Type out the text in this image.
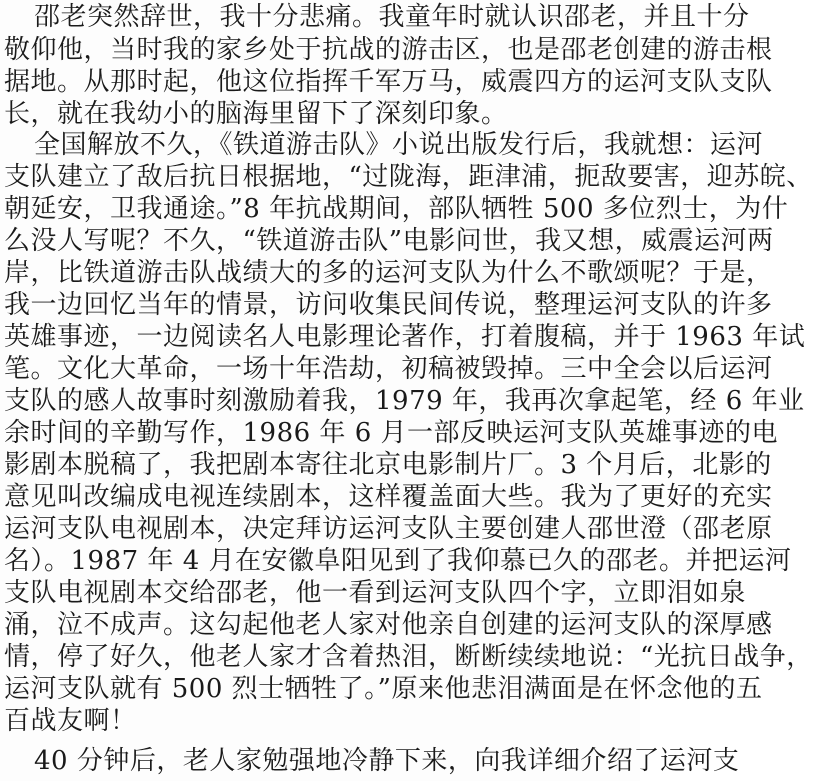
邵老突然辞世，我十分悲痛。我童年时就认识邵老，并且十分
敬仰他，当时我的家乡处于抗战的游击区，也是邵老创建的游击根
据地。从那时起，他这位指挥千军万马，威震四方的运河支队支队
长，就在我幼小的脑海里留下了深刻印象。
全国解放不久，《铁道游击队》小说出版发行后，我就想：运河
支队建立了敌后抗日根据地，“过陇海，距津浦，扼敌要害，迎苏皖、
朝延安，卫我通途。”8 年抗战期间，部队牺牲 500 多位烈士，为什
么没人写呢？不久，“铁道游击队”电影问世，我又想，威震运河两
岸，比铁道游击队战绩大的多的运河支队为什么不歌颂呢？于是，
我一边回忆当年的情景，访问收集民间传说，整理运河支队的许多
英雄事迹，一边阅读名人电影理论著作，打着腹稿，并于 1963 年试
笔。文化大革命，一场十年浩劫，初稿被毁掉。三中全会以后运河
支队的感人故事时刻激励着我，1979 年，我再次拿起笔，经 6 年业
余时间的辛勤写作，1986 年 6 月一部反映运河支队英雄事迹的电
影剧本脱稿了，我把剧本寄往北京电影制片厂。3 个月后，北影的
意见叫改编成电视连续剧本，这样覆盖面大些。我为了更好的充实
运河支队电视剧本，决定拜访运河支队主要创建人邵世澄（邵老原
名）。1987 年 4 月在安徽阜阳见到了我仰慕已久的邵老。并把运河
支队电视剧本交给邵老，他一看到运河支队四个字，立即泪如泉
涌，泣不成声。这勾起他老人家对他亲自创建的运河支队的深厚感
情，停了好久，他老人家才含着热泪，断断续续地说：“光抗日战争，
运河支队就有 500 烈士牺牲了。”原来他悲泪满面是在怀念他的五
百战友啊！
40 分钟后，老人家勉强地冷静下来，向我详细介绍了运河支
